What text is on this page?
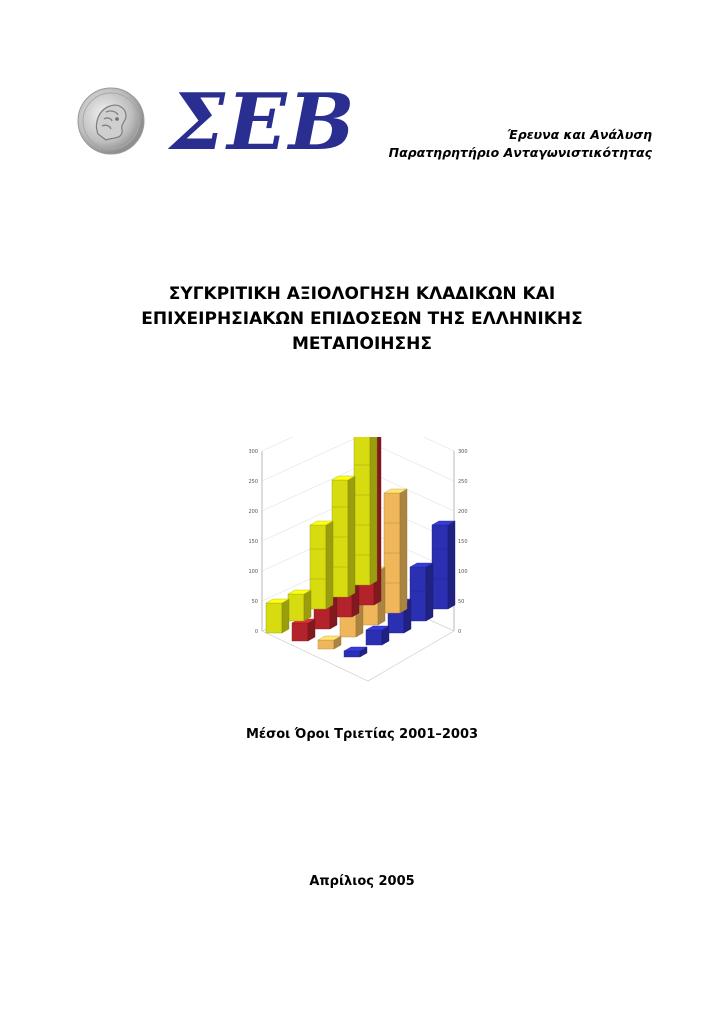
ΣΕΒ	Έρευνα και Ανάλυση
Παρατηρητήριο Ανταγωνιστικότητας
ΣΥΓΚΡΙΤΙΚΗ ΑΞΙΟΛΟΓΗΣΗ ΚΛΑΔΙΚΩΝ ΚΑΙ
ΕΠΙΧΕΙΡΗΣΙΑΚΩΝ ΕΠΙΔΟΣΕΩΝ ΤΗΣ ΕΛΛΗΝΙΚΗΣ
ΜΕΤΑΠΟΙΗΣΗΣ
0	0
50	50
100	100
150	150
200	200
250	250
300	300
Μέσοι Όροι Τριετίας 2001–2003
Απρίλιος 2005
